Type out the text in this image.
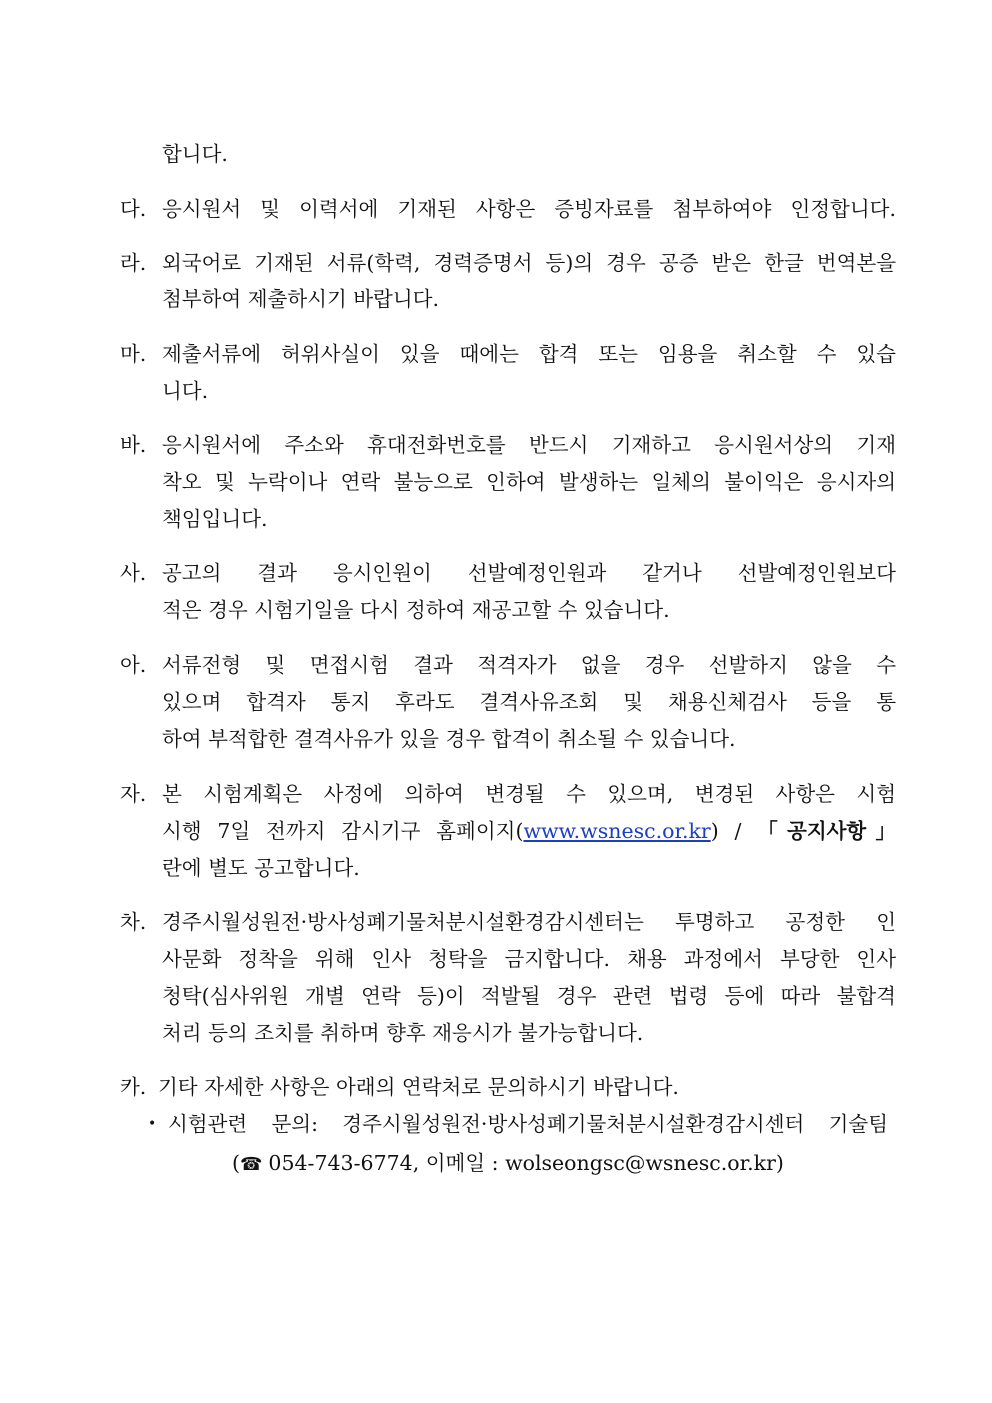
합니다.
다. 응시원서 및 이력서에 기재된 사항은 증빙자료를 첨부하여야 인정합니다.
라. 외국어로 기재된 서류(학력, 경력증명서 등)의 경우 공증 받은 한글 번역본을
첨부하여 제출하시기 바랍니다.
마. 제출서류에 허위사실이 있을 때에는 합격 또는 임용을 취소할 수 있습
니다.
바. 응시원서에 주소와 휴대전화번호를 반드시 기재하고 응시원서상의 기재
착오 및 누락이나 연락 불능으로 인하여 발생하는 일체의 불이익은 응시자의
책임입니다.
사. 공고의 결과 응시인원이 선발예정인원과 같거나 선발예정인원보다
적은 경우 시험기일을 다시 정하여 재공고할 수 있습니다.
아. 서류전형 및 면접시험 결과 적격자가 없을 경우 선발하지 않을 수
있으며 합격자 통지 후라도 결격사유조회 및 채용신체검사 등을 통
하여 부적합한 결격사유가 있을 경우 합격이 취소될 수 있습니다.
자. 본 시험계획은 사정에 의하여 변경될 수 있으며, 변경된 사항은 시험
시행 7일 전까지 감시기구 홈페이지(www.wsnesc.or.kr) / 「공지사항」
란에 별도 공고합니다.
차. 경주시월성원전·방사성폐기물처분시설환경감시센터는 투명하고 공정한 인
사문화 정착을 위해 인사 청탁을 금지합니다. 채용 과정에서 부당한 인사
청탁(심사위원 개별 연락 등)이 적발될 경우 관련 법령 등에 따라 불합격
처리 등의 조치를 취하며 향후 재응시가 불가능합니다.
카. 기타 자세한 사항은 아래의 연락처로 문의하시기 바랍니다.
• 시험관련 문의: 경주시월성원전·방사성폐기물처분시설환경감시센터 기술팀
(☎ 054-743-6774, 이메일 : wolseongsc@wsnesc.or.kr)
